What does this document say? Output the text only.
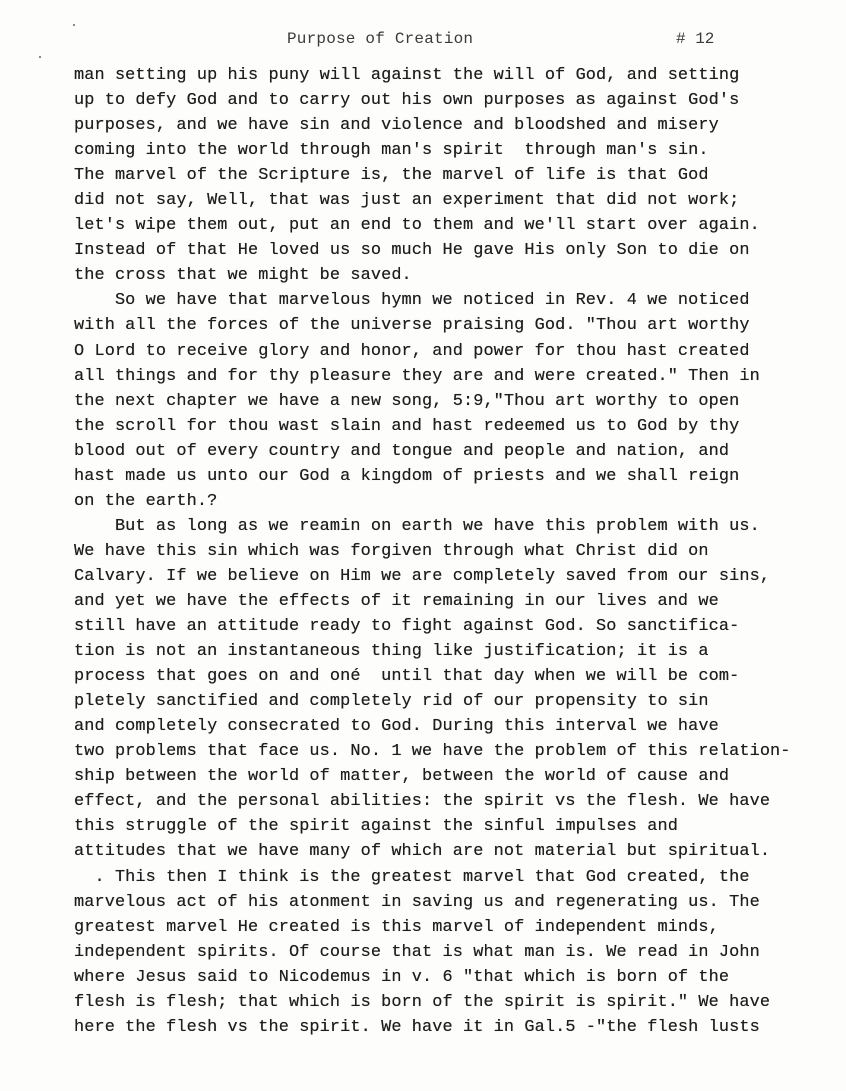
Purpose of Creation	# 12
man setting up his puny will against the will of God, and setting
up to defy God and to carry out his own purposes as against God's
purposes, and we have sin and violence and bloodshed and misery
coming into the world through man's spirit  through man's sin.
The marvel of the Scripture is, the marvel of life is that God
did not say, Well, that was just an experiment that did not work;
let's wipe them out, put an end to them and we'll start over again.
Instead of that He loved us so much He gave His only Son to die on
the cross that we might be saved.
So we have that marvelous hymn we noticed in Rev. 4 we noticed
with all the forces of the universe praising God. "Thou art worthy
O Lord to receive glory and honor, and power for thou hast created
all things and for thy pleasure they are and were created." Then in
the next chapter we have a new song, 5:9,"Thou art worthy to open
the scroll for thou wast slain and hast redeemed us to God by thy
blood out of every country and tongue and people and nation, and
hast made us unto our God a kingdom of priests and we shall reign
on the earth.?
But as long as we reamin on earth we have this problem with us.
We have this sin which was forgiven through what Christ did on
Calvary. If we believe on Him we are completely saved from our sins,
and yet we have the effects of it remaining in our lives and we
still have an attitude ready to fight against God. So sanctifica-
tion is not an instantaneous thing like justification; it is a
process that goes on and oné  until that day when we will be com-
pletely sanctified and completely rid of our propensity to sin
and completely consecrated to God. During this interval we have
two problems that face us. No. 1 we have the problem of this relation-
ship between the world of matter, between the world of cause and
effect, and the personal abilities: the spirit vs the flesh. We have
this struggle of the spirit against the sinful impulses and
attitudes that we have many of which are not material but spiritual.
. This then I think is the greatest marvel that God created, the
marvelous act of his atonment in saving us and regenerating us. The
greatest marvel He created is this marvel of independent minds,
independent spirits. Of course that is what man is. We read in John
where Jesus said to Nicodemus in v. 6 "that which is born of the
flesh is flesh; that which is born of the spirit is spirit." We have
here the flesh vs the spirit. We have it in Gal.5 -"the flesh lusts
